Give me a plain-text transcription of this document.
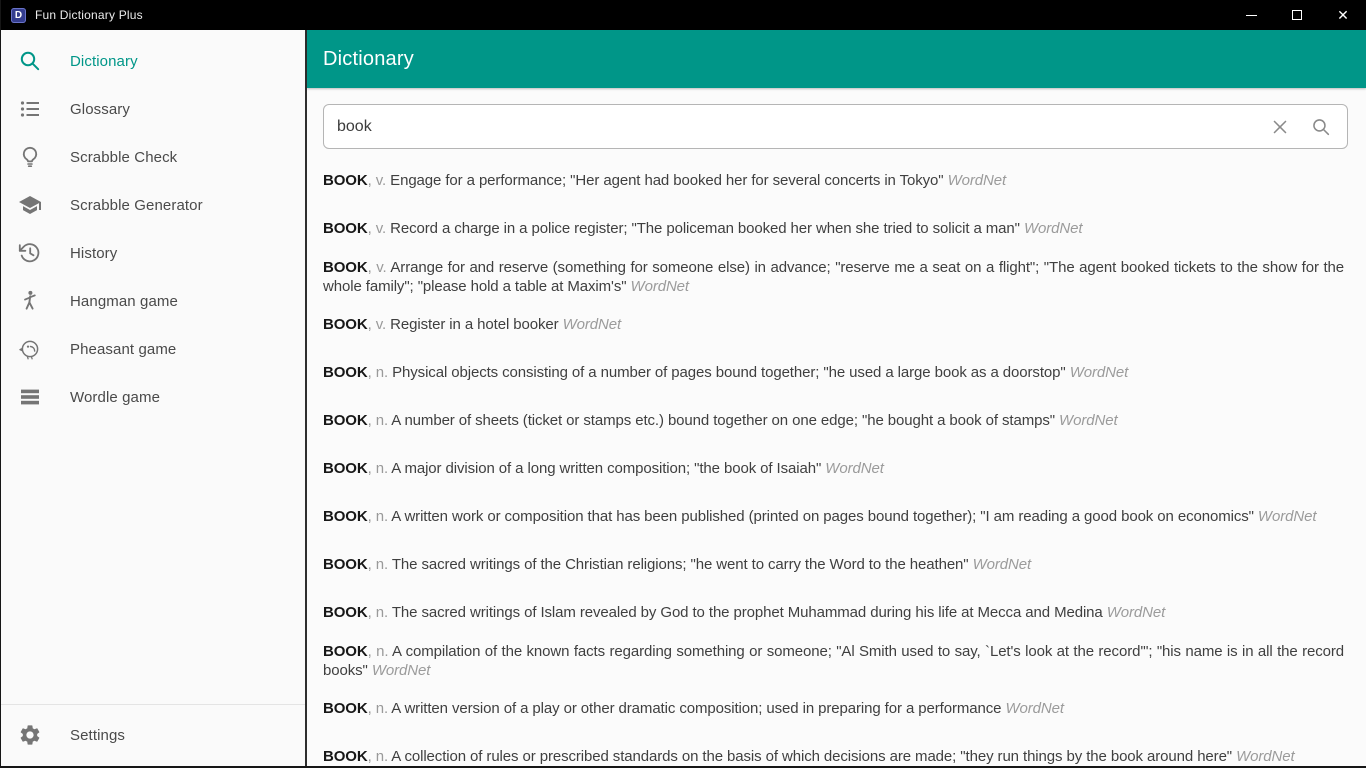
D Fun Dictionary Plus	✕
Dictionary
Glossary
Scrabble Check
Scrabble Generator
History
Hangman game
Pheasant game
Wordle game
Settings
Dictionary
book

BOOK, v. Engage for a performance; "Her agent had booked her for several concerts in Tokyo" WordNet

BOOK, v. Record a charge in a police register; "The policeman booked her when she tried to solicit a man" WordNet

BOOK, v. Arrange for and reserve (something for someone else) in advance; "reserve me a seat on a flight"; "The agent booked tickets to the show for the whole family"; "please hold a table at Maxim's" WordNet

BOOK, v. Register in a hotel booker WordNet

BOOK, n. Physical objects consisting of a number of pages bound together; "he used a large book as a doorstop" WordNet

BOOK, n. A number of sheets (ticket or stamps etc.) bound together on one edge; "he bought a book of stamps" WordNet

BOOK, n. A major division of a long written composition; "the book of Isaiah" WordNet

BOOK, n. A written work or composition that has been published (printed on pages bound together); "I am reading a good book on economics" WordNet

BOOK, n. The sacred writings of the Christian religions; "he went to carry the Word to the heathen" WordNet

BOOK, n. The sacred writings of Islam revealed by God to the prophet Muhammad during his life at Mecca and Medina WordNet

BOOK, n. A compilation of the known facts regarding something or someone; "Al Smith used to say, `Let's look at the record'"; "his name is in all the record books" WordNet

BOOK, n. A written version of a play or other dramatic composition; used in preparing for a performance WordNet

BOOK, n. A collection of rules or prescribed standards on the basis of which decisions are made; "they run things by the book around here" WordNet
